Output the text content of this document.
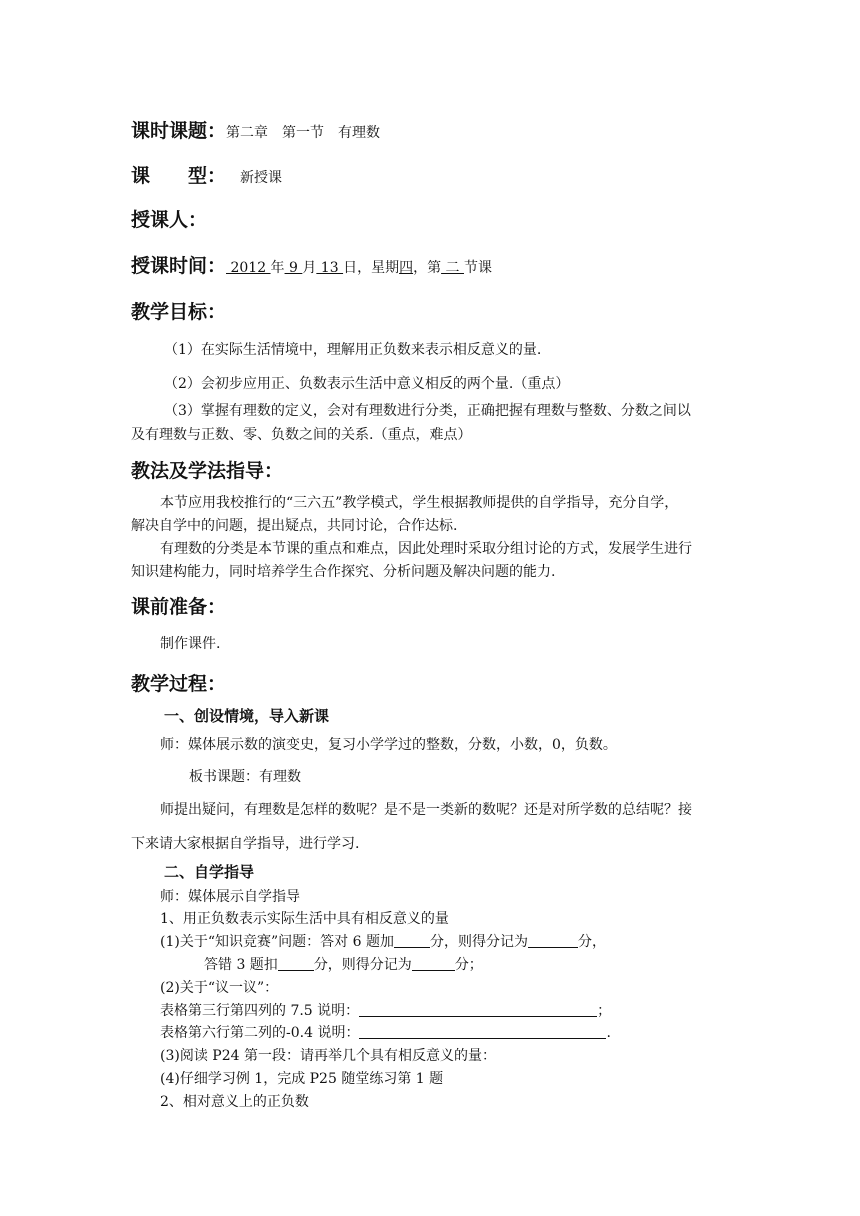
课时课题：第二章　第一节　有理数
课　　型： 新授课
授课人：
授课时间： 2012 年 9 月 13 日，星期四，第 二 节课
教学目标：
（1）在实际生活情境中，理解用正负数来表示相反意义的量.
（2）会初步应用正、负数表示生活中意义相反的两个量.（重点）
（3）掌握有理数的定义，会对有理数进行分类，正确把握有理数与整数、分数之间以
及有理数与正数、零、负数之间的关系.（重点，难点）
教法及学法指导：
本节应用我校推行的“三六五”教学模式，学生根据教师提供的自学指导，充分自学，
解决自学中的问题，提出疑点，共同讨论，合作达标.
有理数的分类是本节课的重点和难点，因此处理时采取分组讨论的方式，发展学生进行
知识建构能力，同时培养学生合作探究、分析问题及解决问题的能力.
课前准备：
制作课件.
教学过程：
一、创设情境，导入新课
师：媒体展示数的演变史，复习小学学过的整数，分数，小数，0，负数。
板书课题：有理数
师提出疑问，有理数是怎样的数呢？是不是一类新的数呢？还是对所学数的总结呢？接
下来请大家根据自学指导，进行学习.
二、自学指导
师：媒体展示自学指导
1、用正负数表示实际生活中具有相反意义的量
(1)关于“知识竞赛”问题：答对 6 题加	分，则得分记为	分，
答错 3 题扣	分，则得分记为	分；
(2)关于“议一议”：
表格第三行第四列的 7.5 说明：	；
表格第六行第二列的-0.4 说明：	.
(3)阅读 P24 第一段：请再举几个具有相反意义的量：
(4)仔细学习例 1，完成 P25 随堂练习第 1 题
2、相对意义上的正负数
